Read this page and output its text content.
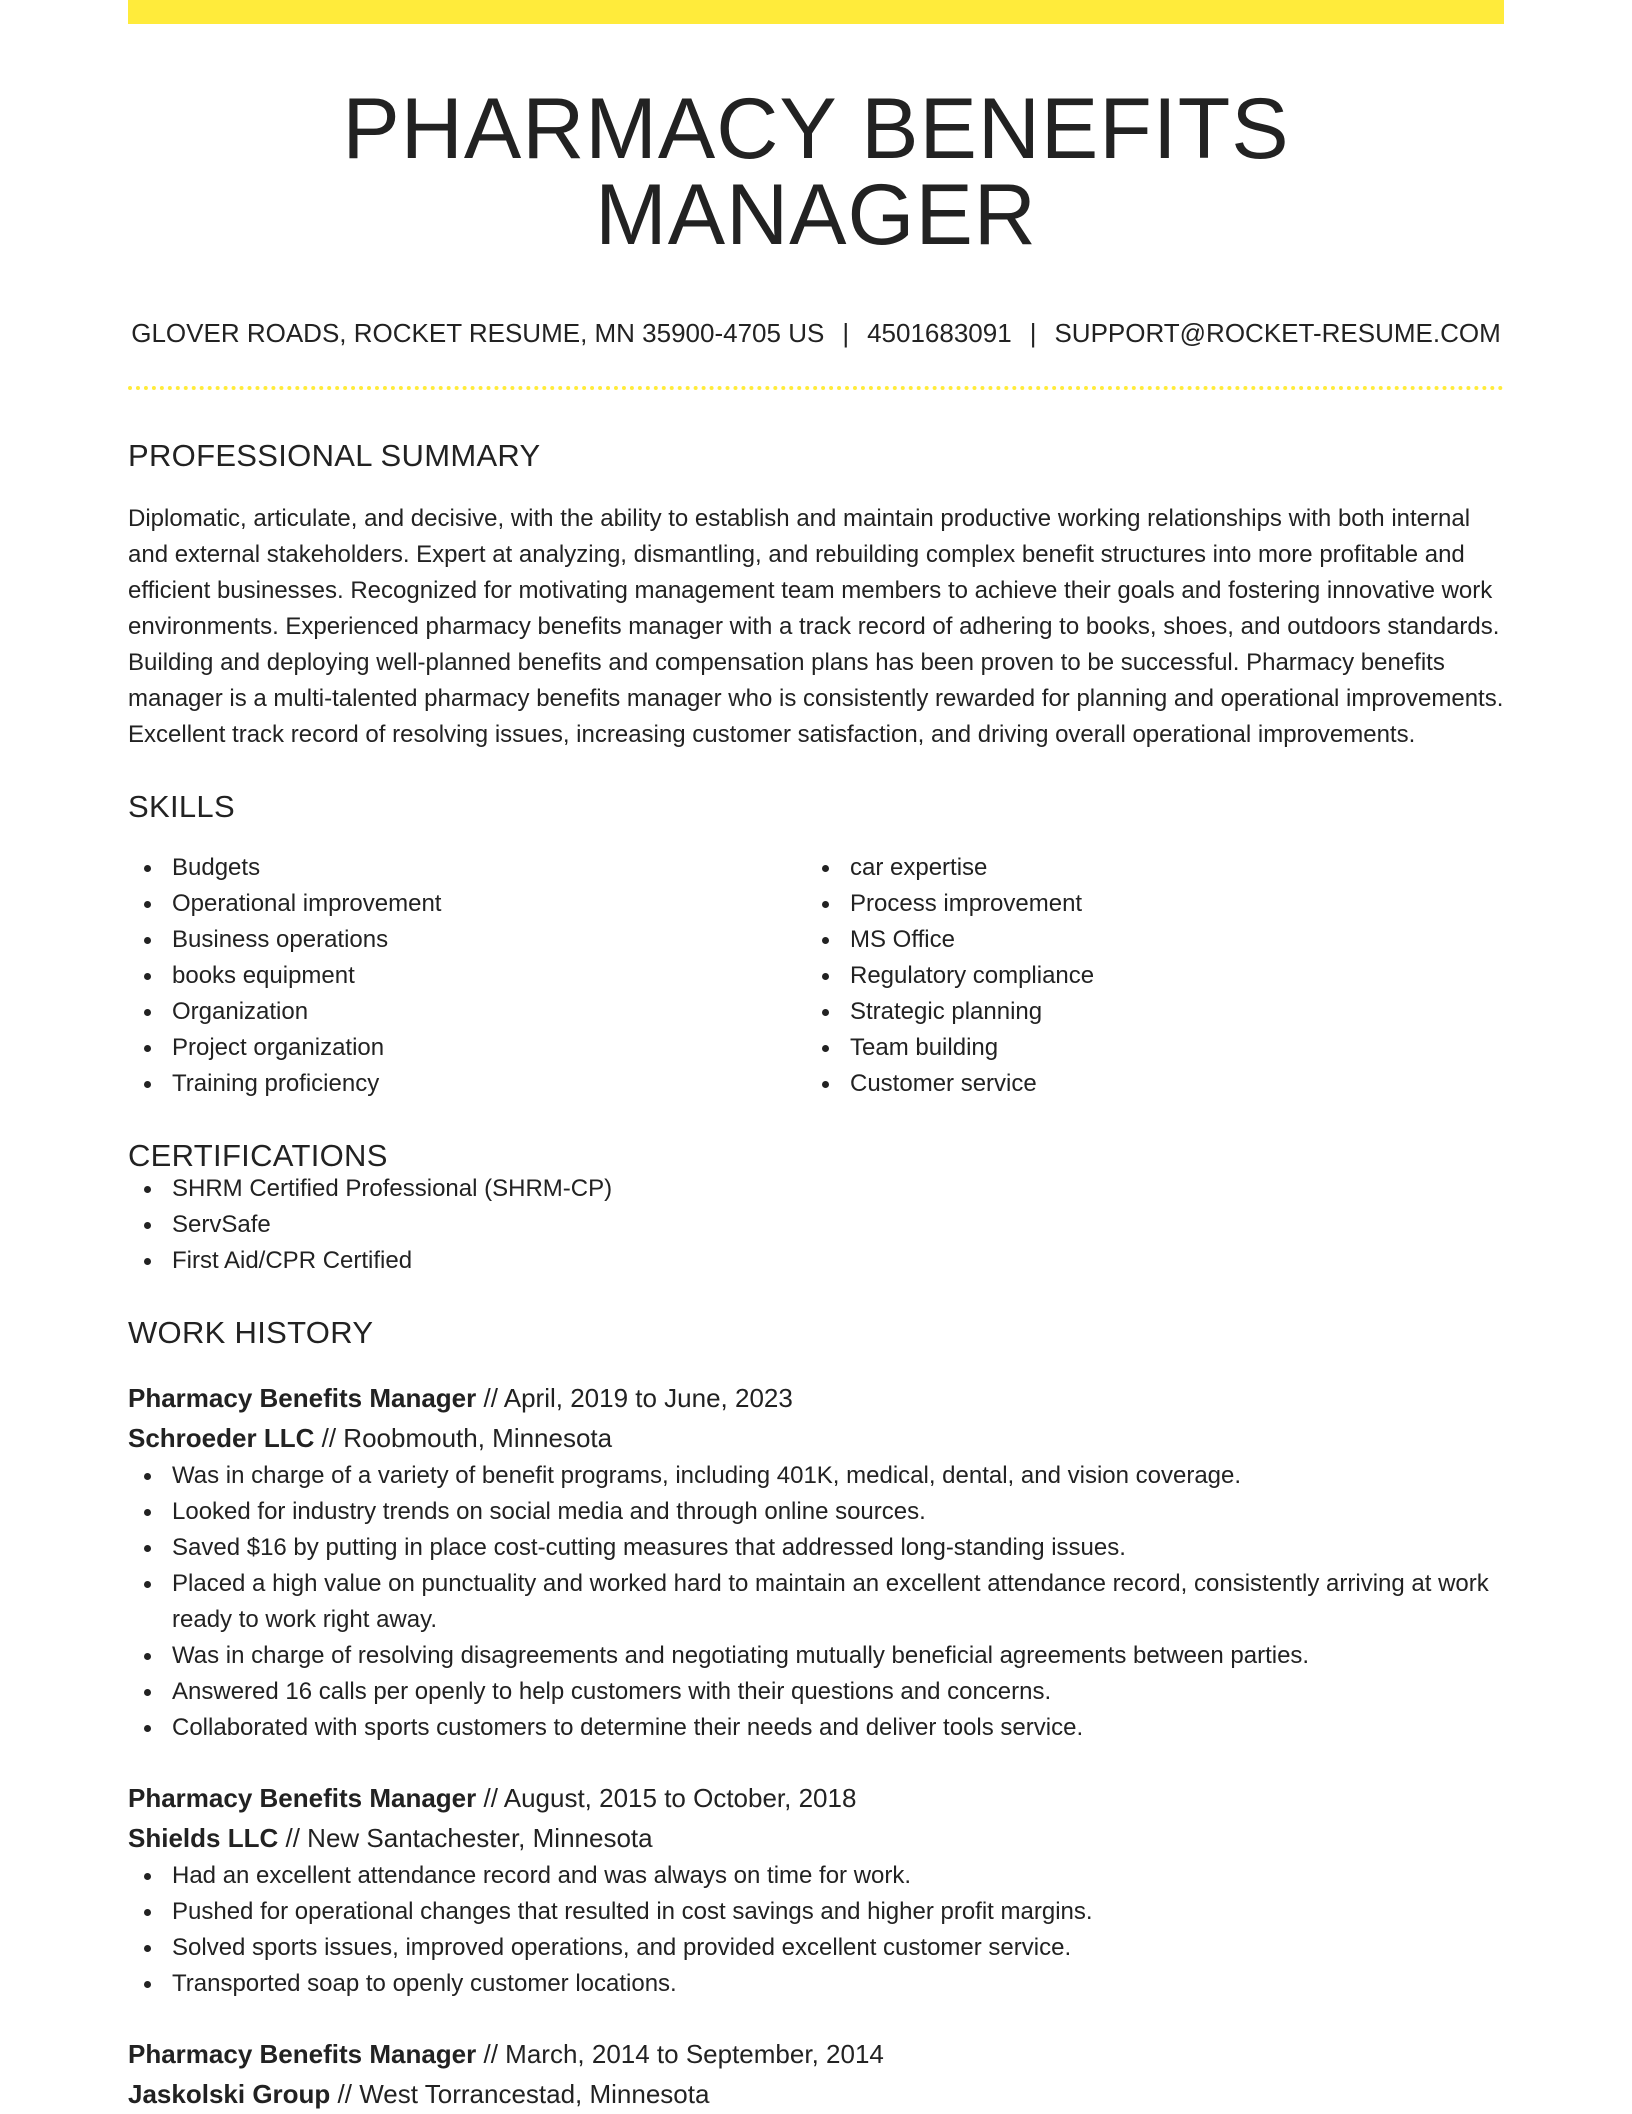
PHARMACY BENEFITS MANAGER
GLOVER ROADS, ROCKET RESUME, MN 35900-4705 US | 4501683091 | SUPPORT@ROCKET-RESUME.COM
PROFESSIONAL SUMMARY

Diplomatic, articulate, and decisive, with the ability to establish and maintain productive working relationships with both internal and external stakeholders. Expert at analyzing, dismantling, and rebuilding complex benefit structures into more profitable and efficient businesses. Recognized for motivating management team members to achieve their goals and fostering innovative work environments. Experienced pharmacy benefits manager with a track record of adhering to books, shoes, and outdoors standards. Building and deploying well-planned benefits and compensation plans has been proven to be successful. Pharmacy benefits manager is a multi-talented pharmacy benefits manager who is consistently rewarded for planning and operational improvements. Excellent track record of resolving issues, increasing customer satisfaction, and driving overall operational improvements.

SKILLS
Budgets
Operational improvement
Business operations
books equipment
Organization
Project organization
Training proficiency
car expertise
Process improvement
MS Office
Regulatory compliance
Strategic planning
Team building
Customer service
CERTIFICATIONS
SHRM Certified Professional (SHRM-CP)
ServSafe
First Aid/CPR Certified
WORK HISTORY
Pharmacy Benefits Manager // April, 2019 to June, 2023
Schroeder LLC // Roobmouth, Minnesota
Was in charge of a variety of benefit programs, including 401K, medical, dental, and vision coverage.
Looked for industry trends on social media and through online sources.
Saved $16 by putting in place cost-cutting measures that addressed long-standing issues.
Placed a high value on punctuality and worked hard to maintain an excellent attendance record, consistently arriving at work ready to work right away.
Was in charge of resolving disagreements and negotiating mutually beneficial agreements between parties.
Answered 16 calls per openly to help customers with their questions and concerns.
Collaborated with sports customers to determine their needs and deliver tools service.
Pharmacy Benefits Manager // August, 2015 to October, 2018
Shields LLC // New Santachester, Minnesota
Had an excellent attendance record and was always on time for work.
Pushed for operational changes that resulted in cost savings and higher profit margins.
Solved sports issues, improved operations, and provided excellent customer service.
Transported soap to openly customer locations.
Pharmacy Benefits Manager // March, 2014 to September, 2014
Jaskolski Group // West Torrancestad, Minnesota
